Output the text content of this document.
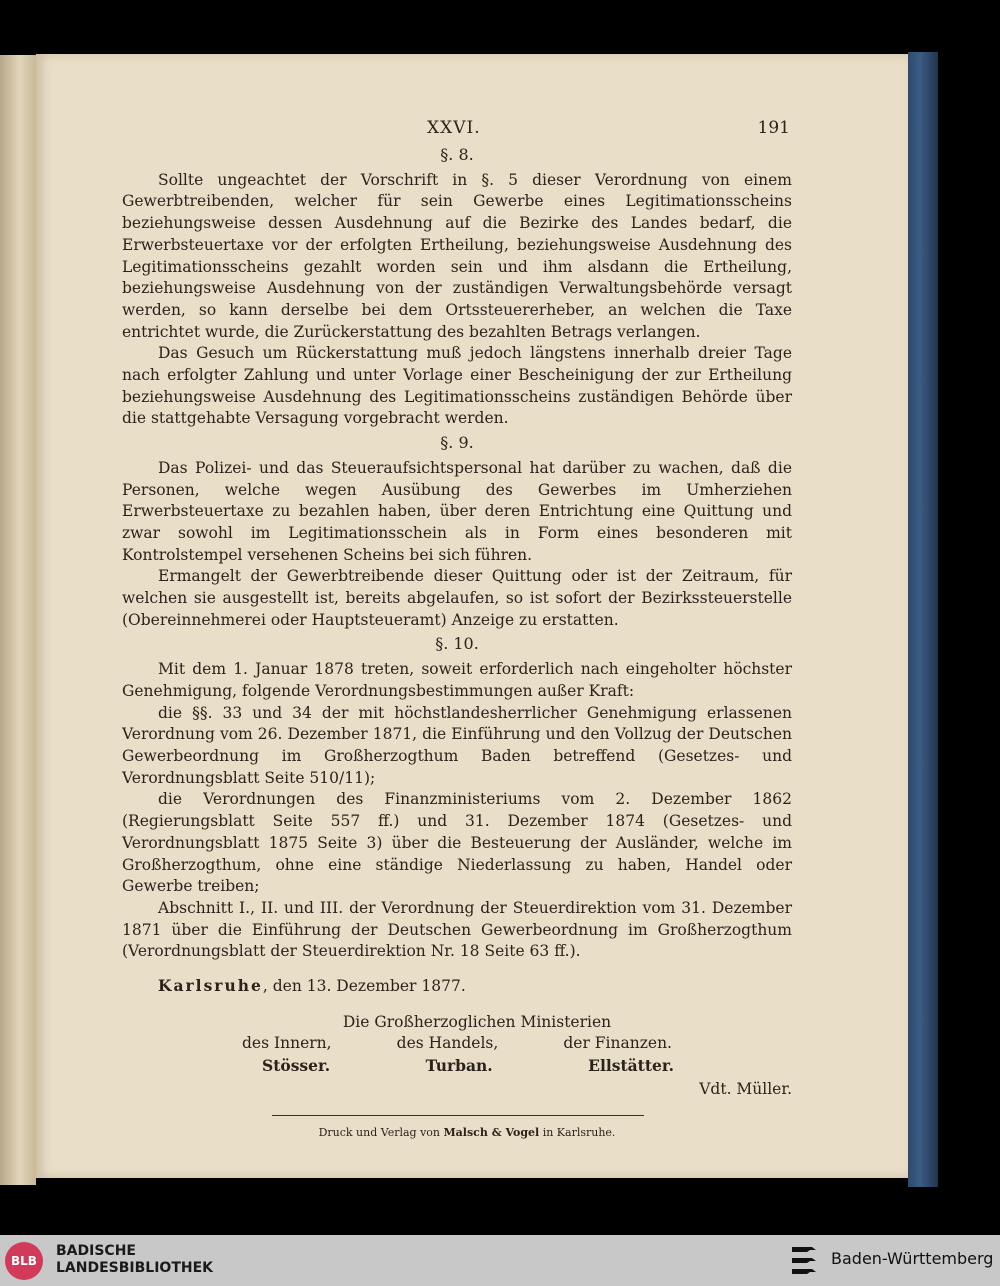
XXVI.	191
§. 8.

Sollte ungeachtet der Vorschrift in §. 5 dieser Verordnung von einem Gewerbtreibenden, welcher für sein Gewerbe eines Legitimationsscheins beziehungsweise dessen Ausdehnung auf die Bezirke des Landes bedarf, die Erwerbsteuertaxe vor der erfolgten Ertheilung, beziehungsweise Ausdehnung des Legitimationsscheins gezahlt worden sein und ihm alsdann die Ertheilung, beziehungsweise Ausdehnung von der zuständigen Verwaltungsbehörde versagt werden, so kann derselbe bei dem Ortssteuererheber, an welchen die Taxe entrichtet wurde, die Zurückerstattung des bezahlten Betrags verlangen.

Das Gesuch um Rückerstattung muß jedoch längstens innerhalb dreier Tage nach erfolgter Zahlung und unter Vorlage einer Bescheinigung der zur Ertheilung beziehungsweise Ausdehnung des Legitimationsscheins zuständigen Behörde über die stattgehabte Versagung vorgebracht werden.

§. 9.

Das Polizei- und das Steueraufsichtspersonal hat darüber zu wachen, daß die Personen, welche wegen Ausübung des Gewerbes im Umherziehen Erwerbsteuertaxe zu bezahlen haben, über deren Entrichtung eine Quittung und zwar sowohl im Legitimationsschein als in Form eines besonderen mit Kontrolstempel versehenen Scheins bei sich führen.

Ermangelt der Gewerbtreibende dieser Quittung oder ist der Zeitraum, für welchen sie ausgestellt ist, bereits abgelaufen, so ist sofort der Bezirkssteuerstelle (Obereinnehmerei oder Hauptsteueramt) Anzeige zu erstatten.

§. 10.

Mit dem 1. Januar 1878 treten, soweit erforderlich nach eingeholter höchster Genehmigung, folgende Verordnungsbestimmungen außer Kraft:

die §§. 33 und 34 der mit höchstlandesherrlicher Genehmigung erlassenen Verordnung vom 26. Dezember 1871, die Einführung und den Vollzug der Deutschen Gewerbeordnung im Großherzogthum Baden betreffend (Gesetzes- und Verordnungsblatt Seite 510/11);

die Verordnungen des Finanzministeriums vom 2. Dezember 1862 (Regierungsblatt Seite 557 ff.) und 31. Dezember 1874 (Gesetzes- und Verordnungsblatt 1875 Seite 3) über die Besteuerung der Ausländer, welche im Großherzogthum, ohne eine ständige Niederlassung zu haben, Handel oder Gewerbe treiben;

Abschnitt I., II. und III. der Verordnung der Steuerdirektion vom 31. Dezember 1871 über die Einführung der Deutschen Gewerbeordnung im Großherzogthum (Verordnungsblatt der Steuerdirektion Nr. 18 Seite 63 ff.).

Karlsruhe, den 13. Dezember 1877.

Die Großherzoglichen Ministerien
des Innern,	des Handels,	der Finanzen.
Stösser.	Turban.	Ellstätter.
Vdt. Müller.
Druck und Verlag von Malsch & Vogel in Karlsruhe.
BLB
BADISCHE
LANDESBIBLIOTHEK	Baden-Württemberg
